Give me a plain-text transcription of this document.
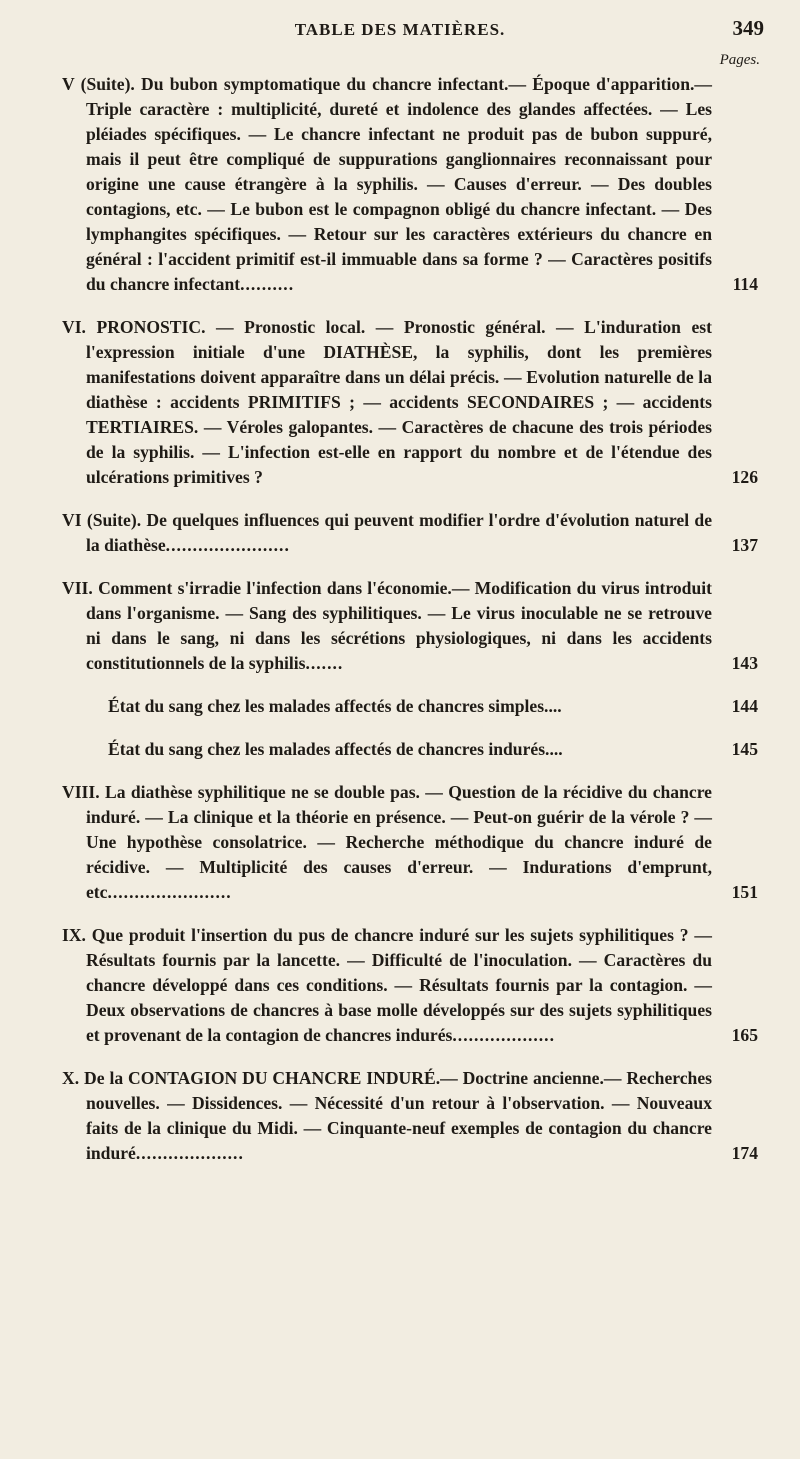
TABLE DES MATIÈRES.	349
Pages.
V (Suite). Du bubon symptomatique du chancre infectant.— Époque d'apparition.— Triple caractère : multiplicité, dureté et indolence des glandes affectées. — Les pléiades spécifiques. — Le chancre infectant ne produit pas de bubon suppuré, mais il peut être compliqué de suppurations ganglionnaires reconnaissant pour origine une cause étrangère à la syphilis. — Causes d'erreur. — Des doubles contagions, etc. — Le bubon est le compagnon obligé du chancre infectant. — Des lymphangites spécifiques. — Retour sur les caractères extérieurs du chancre en général : l'accident primitif est-il immuable dans sa forme ? — Caractères positifs du chancre infectant..........	114
VI. PRONOSTIC. — Pronostic local. — Pronostic général. — L'induration est l'expression initiale d'une DIATHÈSE, la syphilis, dont les premières manifestations doivent apparaître dans un délai précis. — Evolution naturelle de la diathèse : accidents PRIMITIFS ; — accidents SECONDAIRES ; — accidents TERTIAIRES. — Véroles galopantes. — Caractères de chacune des trois périodes de la syphilis. — L'infection est-elle en rapport du nombre et de l'étendue des ulcérations primitives ?	126
VI (Suite). De quelques influences qui peuvent modifier l'ordre d'évolution naturel de la diathèse.......................	137
VII. Comment s'irradie l'infection dans l'économie.— Modification du virus introduit dans l'organisme. — Sang des syphilitiques. — Le virus inoculable ne se retrouve ni dans le sang, ni dans les sécrétions physiologiques, ni dans les accidents constitutionnels de la syphilis.......	143
État du sang chez les malades affectés de chancres simples....	144
État du sang chez les malades affectés de chancres indurés....	145
VIII. La diathèse syphilitique ne se double pas. — Question de la récidive du chancre induré. — La clinique et la théorie en présence. — Peut-on guérir de la vérole ? — Une hypothèse consolatrice. — Recherche méthodique du chancre induré de récidive. — Multiplicité des causes d'erreur. — Indurations d'emprunt, etc.......................	151
IX. Que produit l'insertion du pus de chancre induré sur les sujets syphilitiques ? — Résultats fournis par la lancette. — Difficulté de l'inoculation. — Caractères du chancre développé dans ces conditions. — Résultats fournis par la contagion. — Deux observations de chancres à base molle développés sur des sujets syphilitiques et provenant de la contagion de chancres indurés...................	165
X. De la CONTAGION DU CHANCRE INDURÉ.— Doctrine ancienne.— Recherches nouvelles. — Dissidences. — Nécessité d'un retour à l'observation. — Nouveaux faits de la clinique du Midi. — Cinquante-neuf exemples de contagion du chancre induré....................	174
